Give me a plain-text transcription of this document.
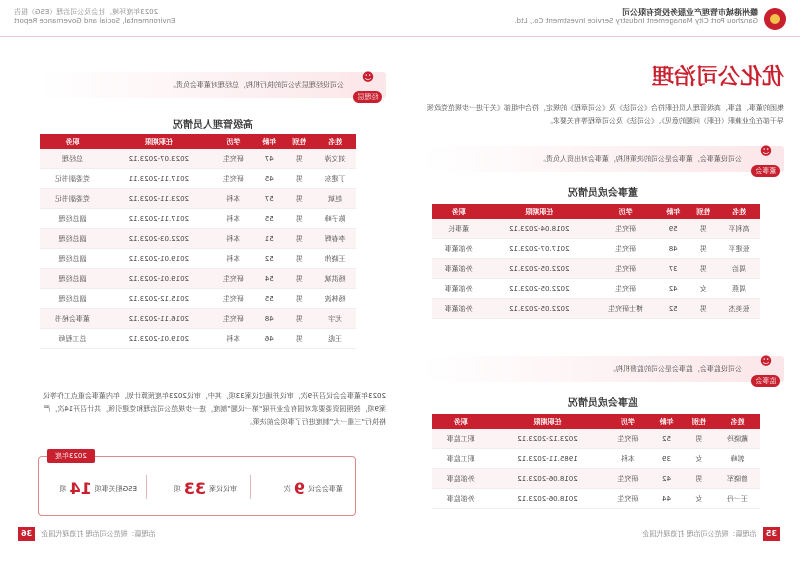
赣州港城市管理产业服务投资有限公司
Ganzhou Port City Management Industry Service Investment Co., Ltd.
优化公司治理
集团的董事、监事、高级管理人员任职符合《公司法》及《公司章程》的规定，符合中组部《关于进一步规范党政领导干部在企业兼职（任职）问题的意见》、《公司法》及公司章程等有关要求。
☻
董事会
公司设董事会，董事会是公司的决策机构，董事会对出资人负责。
董事会成员情况
姓名	性别	年龄	学历	任职期限	职务
高利平	男	59	研究生	2018.04-2023.12	董事长
张建平	男	48	研究生	2017.07-2023.12	外部董事
周治	男	37	研究生	2022.05-2023.12	外部董事
周燕	女	42	研究生	2022.05-2023.12	外部董事
张美杰	男	52	博士研究生	2022.05-2023.12	外部董事
☻
监事会
公司设监事会，监事会是公司的监督机构。
监事会成员情况
姓名	性别	年龄	学历	任职期限	职务
戴晓玲	男	52	研究生	2023.12-2023.12	职工监事
郭峰	女	39	本科	1985.11-2023.12	职工监事
曾晓军	男	42	研究生	2018.06-2023.12	外部监事
王一丹	女	44	研究生	2018.06-2023.12	外部监事
35 治理篇：规范公司治理 打造现代国企
2023年度环境、社会及公司治理（ESG）报告
Environmental, Social and Governance Report
☻
经理层
公司设经理层为公司的执行机构，总经理对董事会负责。
高级管理人员情况
姓名	性别	年龄	学历	任职期限	职务
刘文涛	男	47	研究生	2023.07-2023.12	总经理
丁建东	男	45	研究生	2017.11-2023.11	党委副书记
赵斌	男	57	本科	2023.11-2023.12	党委副书记
陈子峰	男	55	本科	2017.11-2023.12	副总经理
李春辉	男	51	本科	2022.03-2023.12	副总经理
王晓伟	男	52	本科	2019.01-2023.12	副总经理
杨洪斌	男	54	研究生	2019.01-2023.12	副总经理
杨林波	男	55	研究生	2015.12-2023.12	副总经理
尤宇	男	48	研究生	2016.11-2023.12	董事会秘书
王彪	男	46	本科	2019.01-2023.12	总工程师
2023年董事会会议召开9次，审议并通过议案33项，其中，审议2023年度预算计划、年内董事会重点工作等议案9项，按照国资委要求对国有企业开展“第一议题”制度，进一步规范公司治理和党建引领，共计召开14次，严格执行“三重一大”制度进行了事项会前决策。
2023年度
董事会会议9次
审议议案33项
ESG相关事项14项
治理篇：规范公司治理 打造现代国企 36
